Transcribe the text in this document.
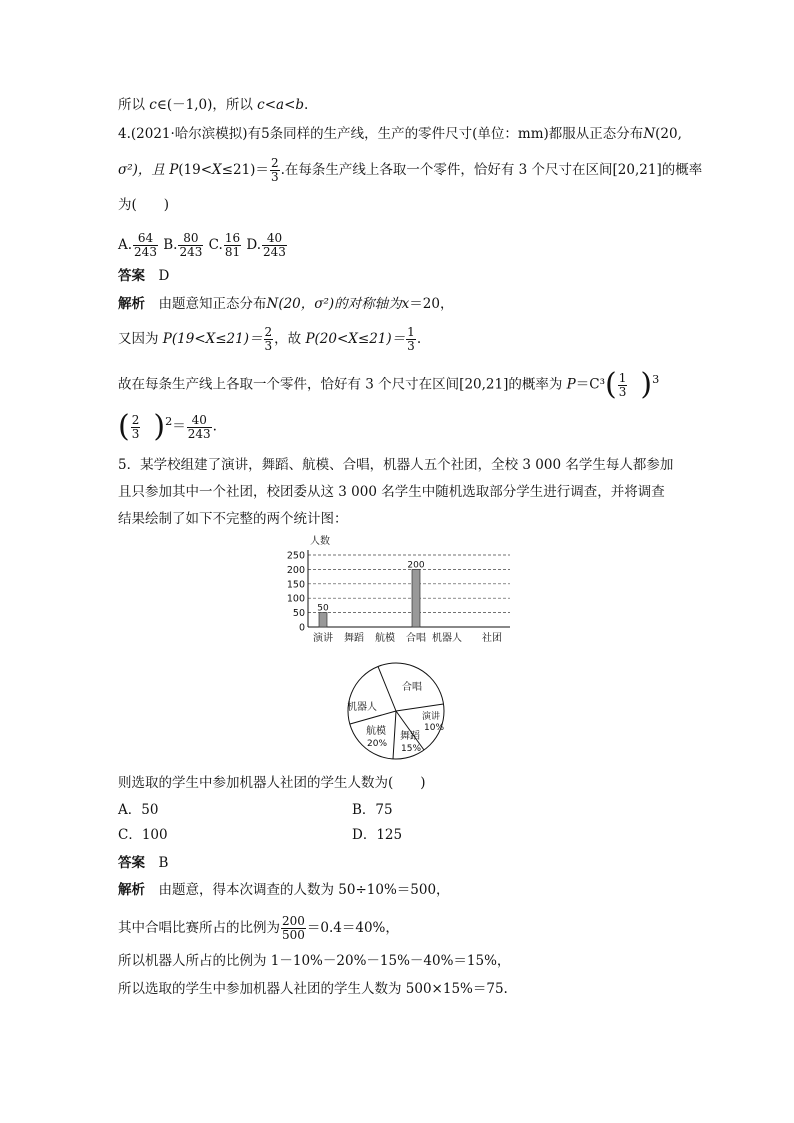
所以 c∈(－1,0)，所以 c<a<b.
4.(2021·哈尔滨模拟)有5条同样的生产线，生产的零件尺寸(单位：mm)都服从正态分布N(20,
σ²)，且 $P(19<X\le 21)= \frac{2}{3}$ .在每条生产线上各取一个零件，恰好有 3 个尺寸在区间[20,21]的概率
为(　　)
A. $\frac{64}{243} B$. $\frac{80}{243} C$. $\frac{16}{81} D$. $\frac{40}{243}$
答案　 D
解析　 由题意知正态分布N(20，σ²)的对称轴为x＝20，
又因为 $P(19<X\le 21)= \frac{2}{3}$ ，故 $P(20<X\le 21)= \frac{1}{3}$ .
故在每条生产线上各取一个零件，恰好有 3 个尺寸在区间[20,21]的概率为 $P=C^3( \frac{1}{3} )^3$
( $\frac{2}{3} )^2= \frac{40}{243}$ .
5．某学校组建了演讲，舞蹈、航模、合唱，机器人五个社团，全校 3 000 名学生每人都参加
且只参加其中一个社团，校团委从这 3 000 名学生中随机选取部分学生进行调查，并将调查
结果绘制了如下不完整的两个统计图：
人数
0
50
100
150
200
250
50
200
演讲 舞蹈 航模 合唱 机器人 社团
合唱
演讲
10%
舞蹈
15%
航模
20%
机器人
则选取的学生中参加机器人社团的学生人数为(　　)
A．50	B．75
C．100	D．125
答案　 B
解析　 由题意，得本次调查的人数为 50÷10%＝500，
其中合唱比赛所占的比例为 $\frac{200}{500} =0.4=40\%$，
所以机器人所占的比例为 1－10%－20%－15%－40%＝15%，
所以选取的学生中参加机器人社团的学生人数为 500×15%＝75.
